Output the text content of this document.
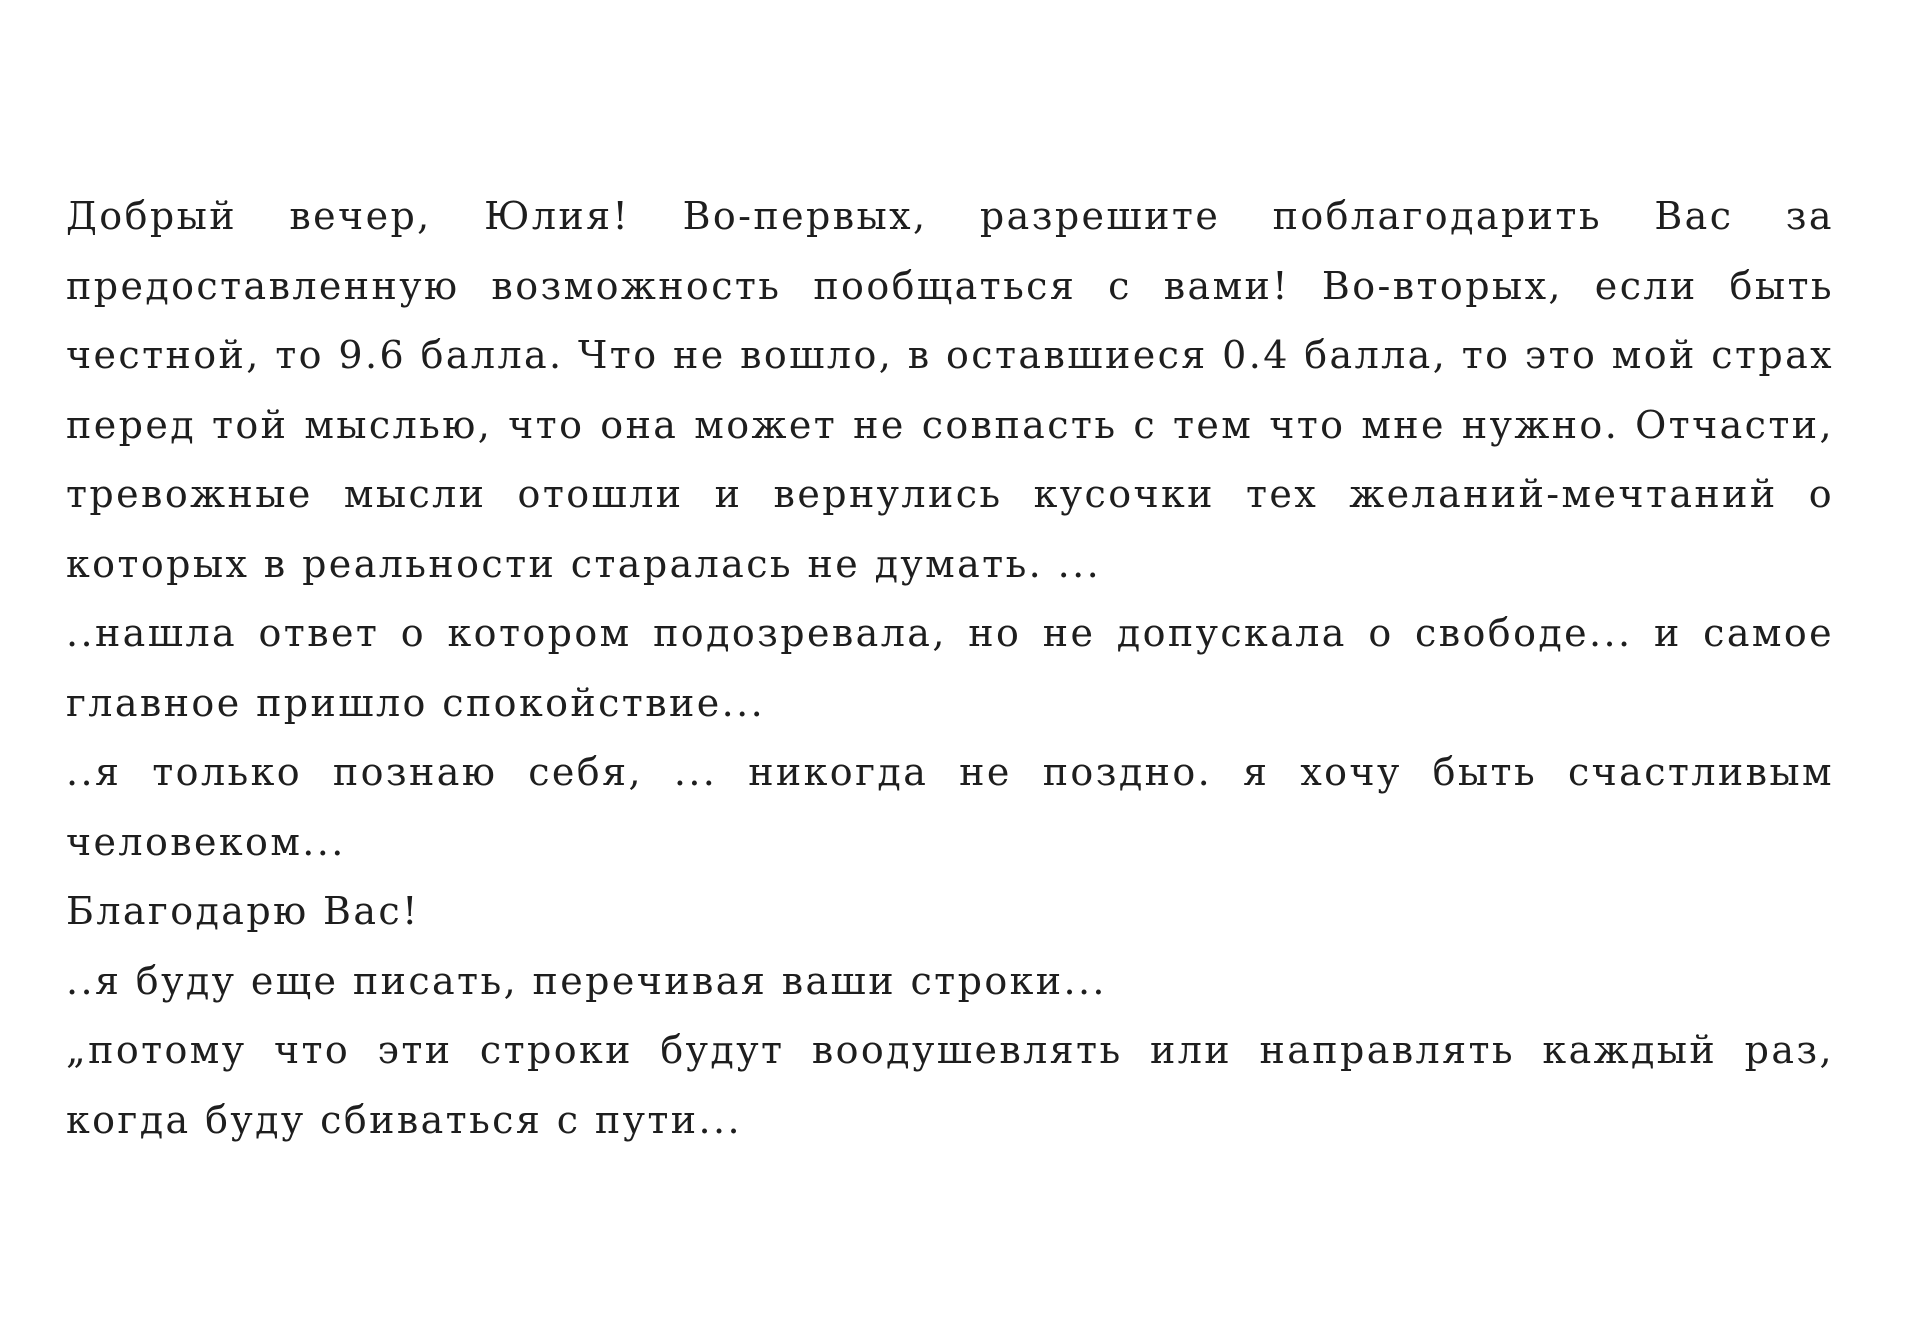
Добрый вечер, Юлия! Во-первых, разрешите поблагодарить Вас за предоставленную возможность пообщаться с вами! Во-вторых, если быть честной, то 9.6 балла. Что не вошло, в оставшиеся 0.4 балла, то это мой страх перед той мыслью, что она может не совпасть с тем что мне нужно. Отчасти, тревожные мысли отошли и вернулись кусочки тех желаний-мечтаний о которых в реальности старалась не думать. ...

..нашла ответ о котором подозревала, но не допускала о свободе... и самое главное пришло спокойствие...

..я только познаю себя, ... никогда не поздно. я хочу быть счастливым человеком...

Благодарю Вас!

..я буду еще писать, перечивая ваши строки...

„потому что эти строки будут воодушевлять или направлять каждый раз, когда буду сбиваться с пути...
